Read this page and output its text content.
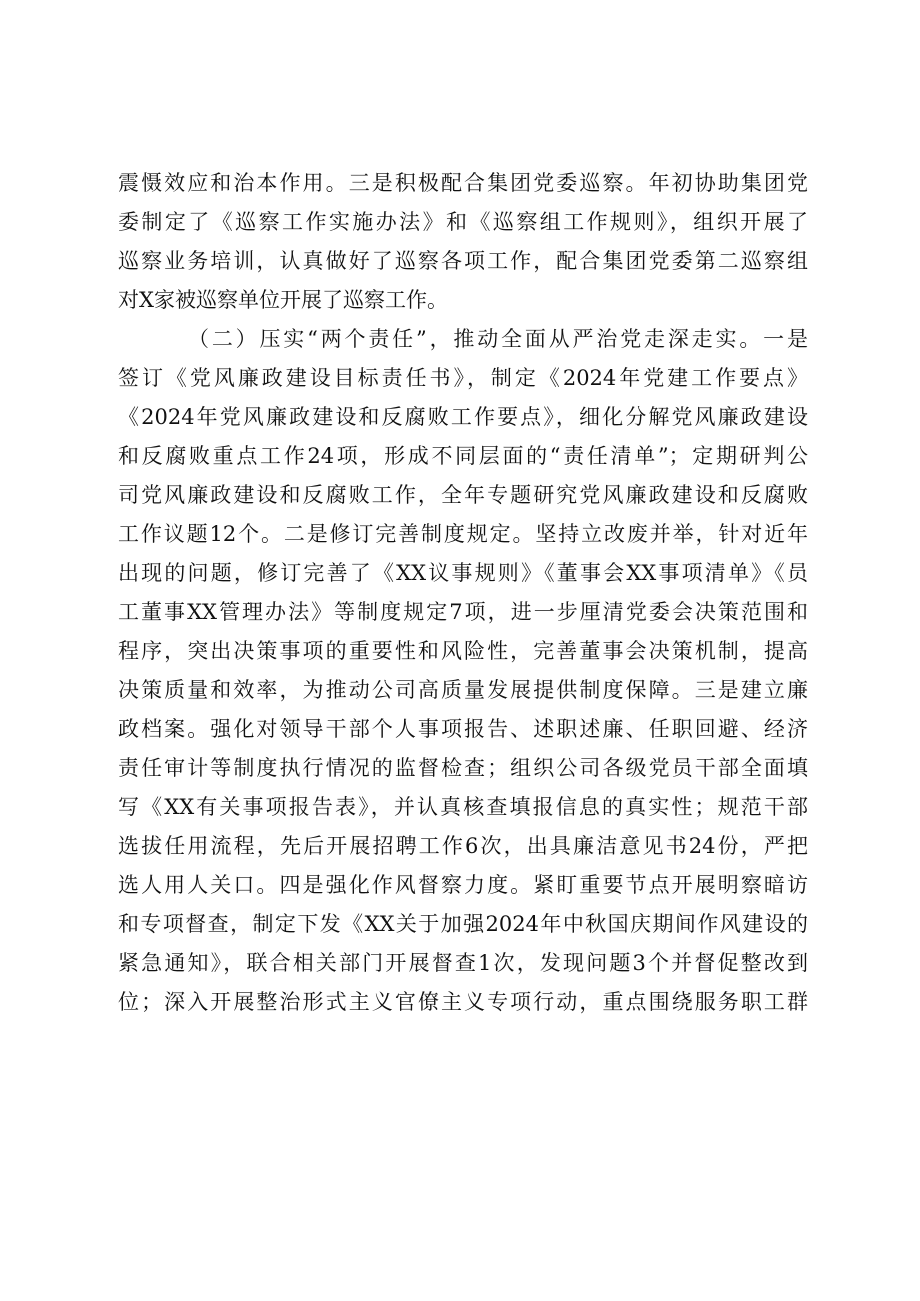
震慑效应和治本作用。三是积极配合集团党委巡察。年初协助集团党
委制定了《巡察工作实施办法》和《巡察组工作规则》，组织开展了
巡察业务培训，认真做好了巡察各项工作，配合集团党委第二巡察组
对X家被巡察单位开展了巡察工作。
（二）压实“两个责任”，推动全面从严治党走深走实。一是
签订《党风廉政建设目标责任书》，制定《2024年党建工作要点》
《2024年党风廉政建设和反腐败工作要点》，细化分解党风廉政建设
和反腐败重点工作24项，形成不同层面的“责任清单”；定期研判公
司党风廉政建设和反腐败工作，全年专题研究党风廉政建设和反腐败
工作议题12个。二是修订完善制度规定。坚持立改废并举，针对近年
出现的问题，修订完善了《XX议事规则》《董事会XX事项清单》《员
工董事XX管理办法》等制度规定7项，进一步厘清党委会决策范围和
程序，突出决策事项的重要性和风险性，完善董事会决策机制，提高
决策质量和效率，为推动公司高质量发展提供制度保障。三是建立廉
政档案。强化对领导干部个人事项报告、述职述廉、任职回避、经济
责任审计等制度执行情况的监督检查；组织公司各级党员干部全面填
写《XX有关事项报告表》，并认真核查填报信息的真实性；规范干部
选拔任用流程，先后开展招聘工作6次，出具廉洁意见书24份，严把
选人用人关口。四是强化作风督察力度。紧盯重要节点开展明察暗访
和专项督查，制定下发《XX关于加强2024年中秋国庆期间作风建设的
紧急通知》，联合相关部门开展督查1次，发现问题3个并督促整改到
位；深入开展整治形式主义官僚主义专项行动，重点围绕服务职工群
